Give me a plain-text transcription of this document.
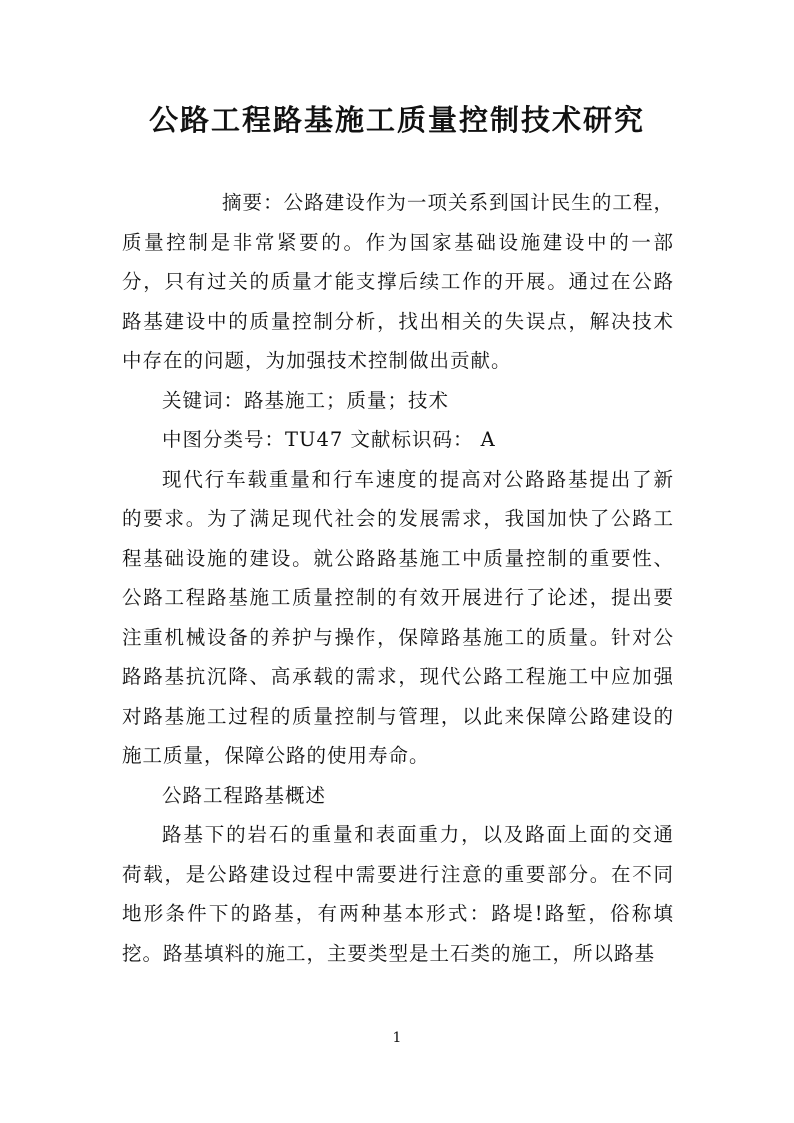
公路工程路基施工质量控制技术研究

摘要：公路建设作为一项关系到国计民生的工程，质量控制是非常紧要的。作为国家基础设施建设中的一部分，只有过关的质量才能支撑后续工作的开展。通过在公路路基建设中的质量控制分析，找出相关的失误点，解决技术中存在的问题，为加强技术控制做出贡献。

关键词：路基施工；质量；技术

中图分类号：TU47 文献标识码： A

现代行车载重量和行车速度的提高对公路路基提出了新的要求。为了满足现代社会的发展需求，我国加快了公路工程基础设施的建设。就公路路基施工中质量控制的重要性、公路工程路基施工质量控制的有效开展进行了论述，提出要注重机械设备的养护与操作，保障路基施工的质量。针对公路路基抗沉降、高承载的需求，现代公路工程施工中应加强对路基施工过程的质量控制与管理，以此来保障公路建设的施工质量，保障公路的使用寿命。

公路工程路基概述

路基下的岩石的重量和表面重力，以及路面上面的交通荷载，是公路建设过程中需要进行注意的重要部分。在不同地形条件下的路基，有两种基本形式：路堤!路堑，俗称填挖。路基填料的施工，主要类型是土石类的施工，所以路基

1
